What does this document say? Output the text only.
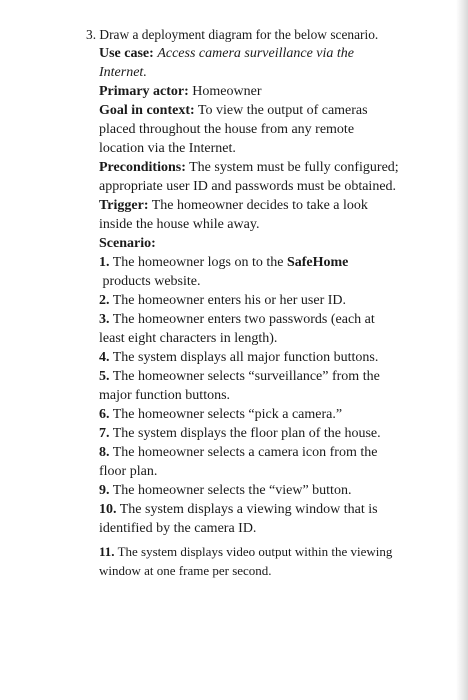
3. Draw a deployment diagram for the below scenario.
Use case: Access camera surveillance via the Internet.
Primary actor: Homeowner
Goal in context: To view the output of cameras placed throughout the house from any remote location via the Internet.
Preconditions: The system must be fully configured; appropriate user ID and passwords must be obtained.
Trigger: The homeowner decides to take a look inside the house while away.
Scenario:
1. The homeowner logs on to the SafeHome products website.
2. The homeowner enters his or her user ID.
3. The homeowner enters two passwords (each at least eight characters in length).
4. The system displays all major function buttons.
5. The homeowner selects “surveillance” from the major function buttons.
6. The homeowner selects “pick a camera.”
7. The system displays the floor plan of the house.
8. The homeowner selects a camera icon from the floor plan.
9. The homeowner selects the “view” button.
10. The system displays a viewing window that is identified by the camera ID.
11. The system displays video output within the viewing window at one frame per second.
